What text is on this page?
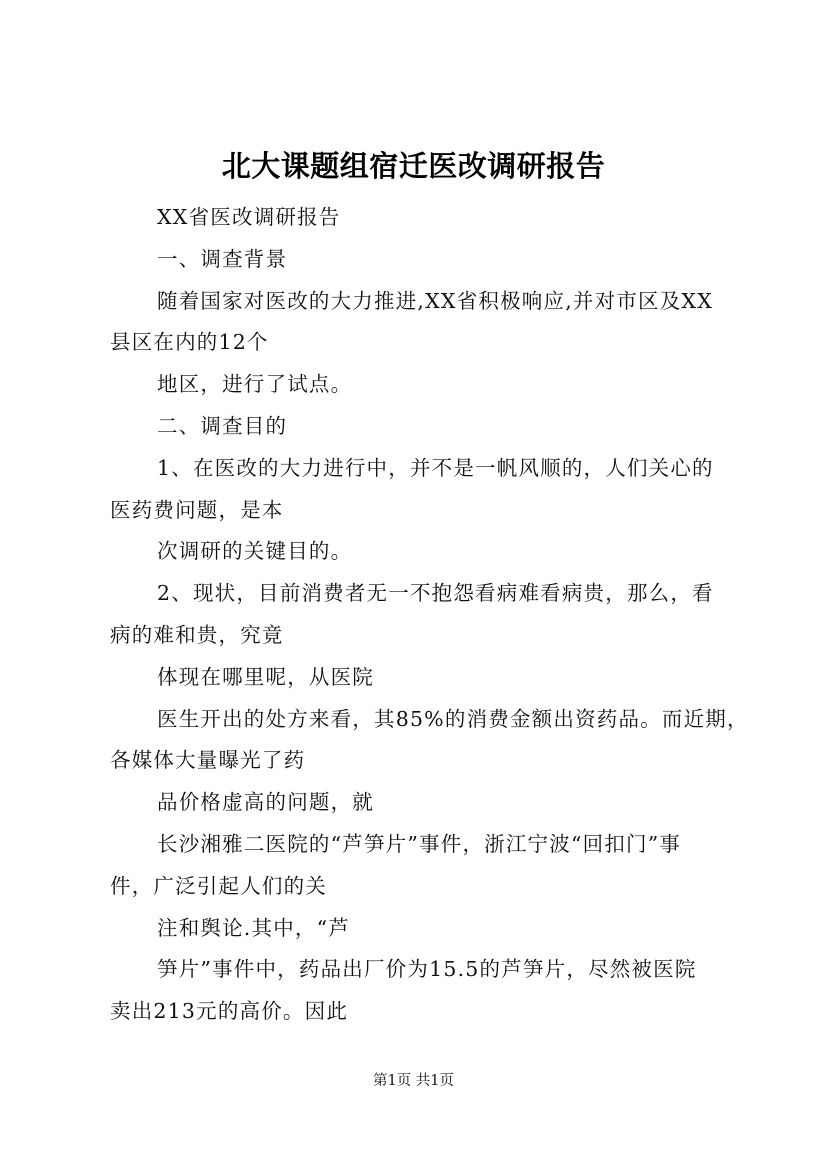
北大课题组宿迁医改调研报告
XX省医改调研报告
一、调查背景
随着国家对医改的大力推进,XX省积极响应,并对市区及XX
县区在内的12个
地区，进行了试点。
二、调查目的
1、在医改的大力进行中，并不是一帆风顺的，人们关心的
医药费问题，是本
次调研的关键目的。
2、现状，目前消费者无一不抱怨看病难看病贵，那么，看
病的难和贵，究竟
体现在哪里呢，从医院
医生开出的处方来看，其85%的消费金额出资药品。而近期，
各媒体大量曝光了药
品价格虚高的问题，就
长沙湘雅二医院的“芦笋片”事件，浙江宁波“回扣门”事
件，广泛引起人们的关
注和舆论.其中，“芦
笋片”事件中，药品出厂价为15.5的芦笋片，尽然被医院
卖出213元的高价。因此
第1页 共1页
